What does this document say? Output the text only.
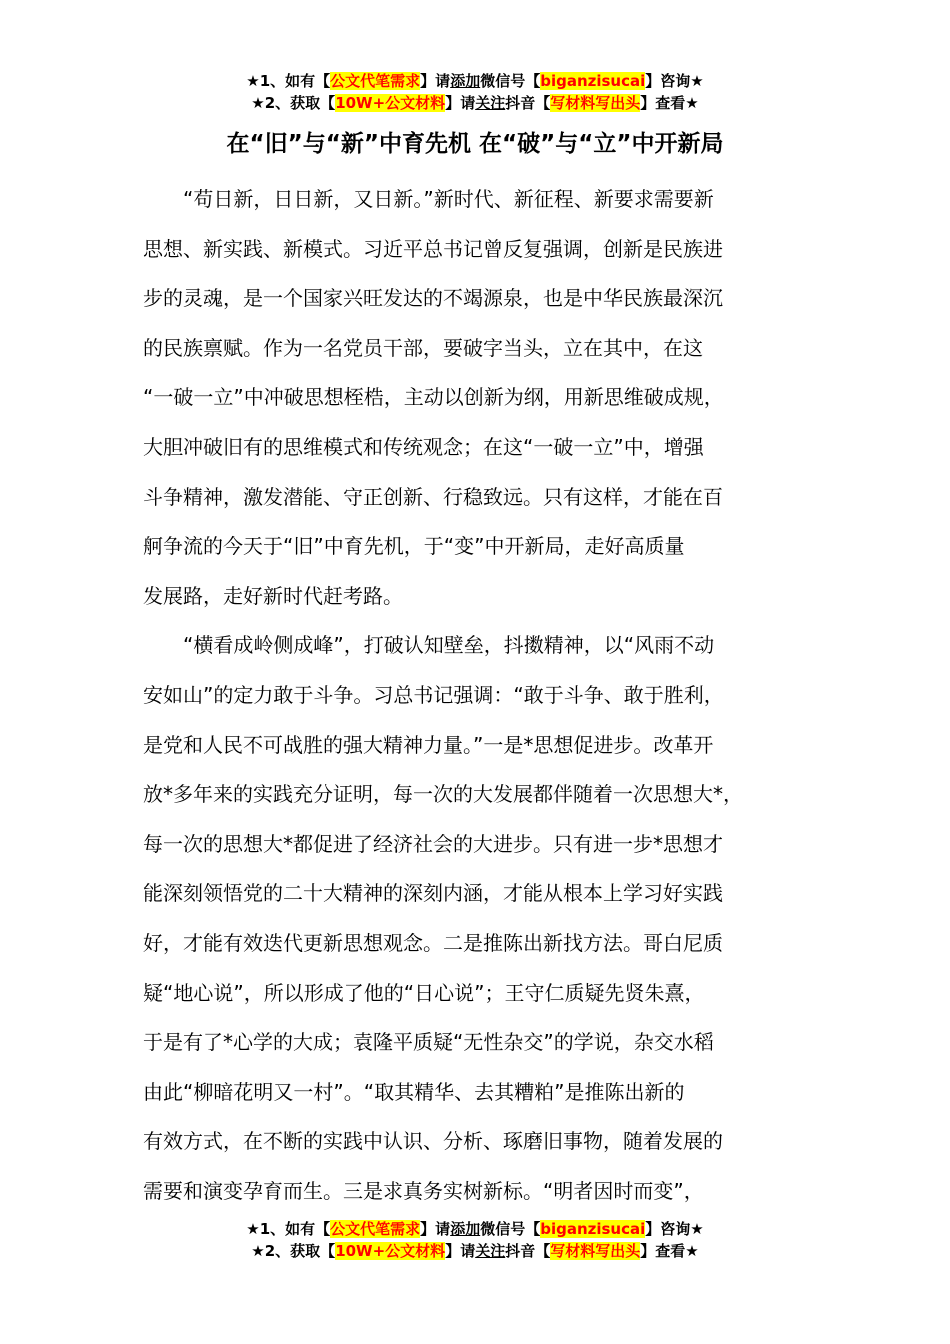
★1、如有【公文代笔需求】请添加微信号【biganzisucai】咨询★
★2、获取【10W+公文材料】请关注抖音【写材料写出头】查看★
在“旧”与“新”中育先机 在“破”与“立”中开新局

“苟日新，日日新，又日新。”新时代、新征程、新要求需要新
思想、新实践、新模式。习近平总书记曾反复强调，创新是民族进
步的灵魂，是一个国家兴旺发达的不竭源泉，也是中华民族最深沉
的民族禀赋。作为一名党员干部，要破字当头，立在其中，在这
“一破一立”中冲破思想桎梏，主动以创新为纲，用新思维破成规，
大胆冲破旧有的思维模式和传统观念；在这“一破一立”中，增强
斗争精神，激发潜能、守正创新、行稳致远。只有这样，才能在百
舸争流的今天于“旧”中育先机，于“变”中开新局，走好高质量
发展路，走好新时代赶考路。

“横看成岭侧成峰”，打破认知壁垒，抖擞精神，以“风雨不动
安如山”的定力敢于斗争。习总书记强调：“敢于斗争、敢于胜利，
是党和人民不可战胜的强大精神力量。”一是*思想促进步。改革开
放*多年来的实践充分证明，每一次的大发展都伴随着一次思想大*，
每一次的思想大*都促进了经济社会的大进步。只有进一步*思想才
能深刻领悟党的二十大精神的深刻内涵，才能从根本上学习好实践
好，才能有效迭代更新思想观念。二是推陈出新找方法。哥白尼质
疑“地心说”，所以形成了他的“日心说”；王守仁质疑先贤朱熹，
于是有了*心学的大成；袁隆平质疑“无性杂交”的学说，杂交水稻
由此“柳暗花明又一村”。“取其精华、去其糟粕”是推陈出新的
有效方式，在不断的实践中认识、分析、琢磨旧事物，随着发展的
需要和演变孕育而生。三是求真务实树新标。“明者因时而变”，

★1、如有【公文代笔需求】请添加微信号【biganzisucai】咨询★
★2、获取【10W+公文材料】请关注抖音【写材料写出头】查看★
